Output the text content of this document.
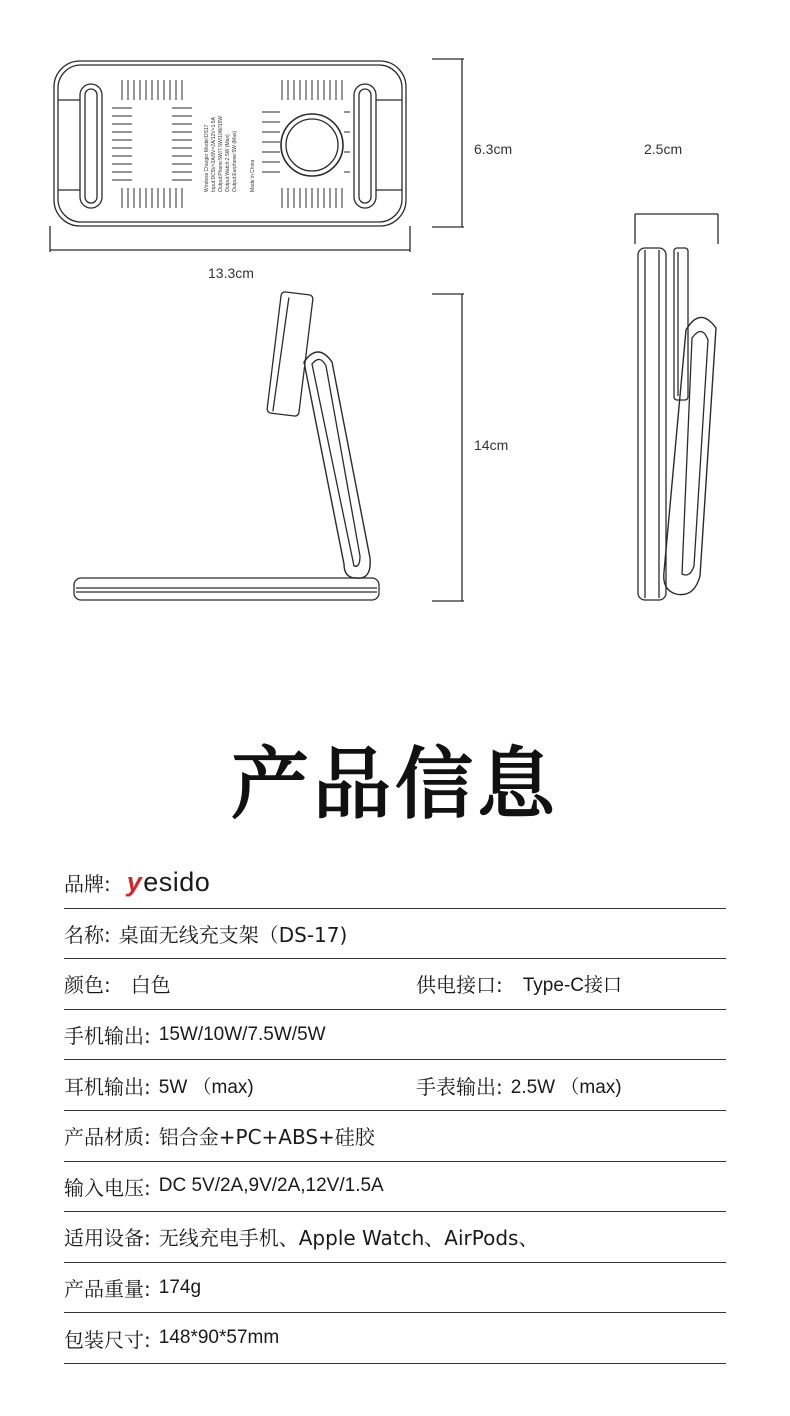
Wireless Charger Model:DS17 Input:DC5V=2A/9V=2A/12V=1.5A Output:Phone:5W/7.5W/10W/15W Output:Watch:2.5W (Max) Output:Earphone:5W (Max) Made in China
6.3cm	2.5cm
13.3cm
14cm
产品信息
品牌: y esido
名称: 桌面无线充支架（DS-17)
颜色: 白色	供电接口: Type-C接口
手机输出: 15W/10W/7.5W/5W
耳机输出: 5W （max)	手表输出: 2.5W （max)
产品材质: 铝合金+PC+ABS+硅胶
输入电压: DC 5V/2A,9V/2A,12V/1.5A
适用设备: 无线充电手机、Apple Watch、AirPods、
产品重量: 174g
包装尺寸: 148*90*57mm
